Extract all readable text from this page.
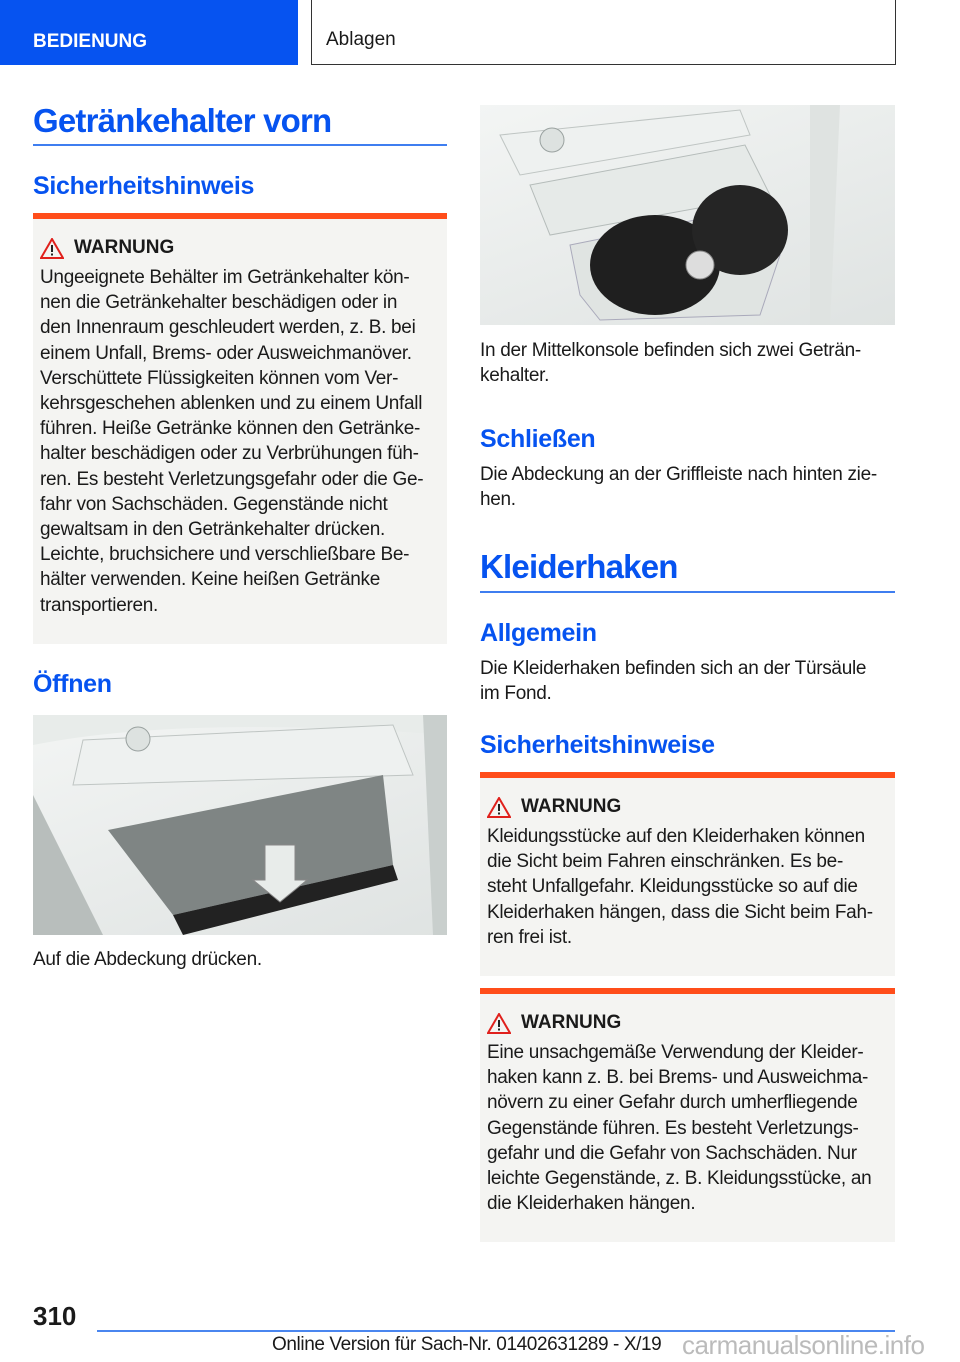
BEDIENUNG	Ablagen
Getränkehalter vorn
Sicherheitshinweis
WARNUNG
Ungeeignete Behälter im Getränkehalter kön-
nen die Getränkehalter beschädigen oder in
den Innenraum geschleudert werden, z. B. bei
einem Unfall, Brems- oder Ausweichmanöver.
Verschüttete Flüssigkeiten können vom Ver-
kehrsgeschehen ablenken und zu einem Unfall
führen. Heiße Getränke können den Getränke-
halter beschädigen oder zu Verbrühungen füh-
ren. Es besteht Verletzungsgefahr oder die Ge-
fahr von Sachschäden. Gegenstände nicht
gewaltsam in den Getränkehalter drücken.
Leichte, bruchsichere und verschließbare Be-
hälter verwenden. Keine heißen Getränke
transportieren.
Öffnen
Auf die Abdeckung drücken.
In der Mittelkonsole befinden sich zwei Geträn-
kehalter.
Schließen
Die Abdeckung an der Griffleiste nach hinten zie-
hen.
Kleiderhaken
Allgemein
Die Kleiderhaken befinden sich an der Türsäule
im Fond.
Sicherheitshinweise
WARNUNG
Kleidungsstücke auf den Kleiderhaken können
die Sicht beim Fahren einschränken. Es be-
steht Unfallgefahr. Kleidungsstücke so auf die
Kleiderhaken hängen, dass die Sicht beim Fah-
ren frei ist.
WARNUNG
Eine unsachgemäße Verwendung der Kleider-
haken kann z. B. bei Brems- und Ausweichma-
növern zu einer Gefahr durch umherfliegende
Gegenstände führen. Es besteht Verletzungs-
gefahr und die Gefahr von Sachschäden. Nur
leichte Gegenstände, z. B. Kleidungsstücke, an
die Kleiderhaken hängen.
310
Online Version für Sach-Nr. 01402631289 - X/19 carmanualsonline.info
